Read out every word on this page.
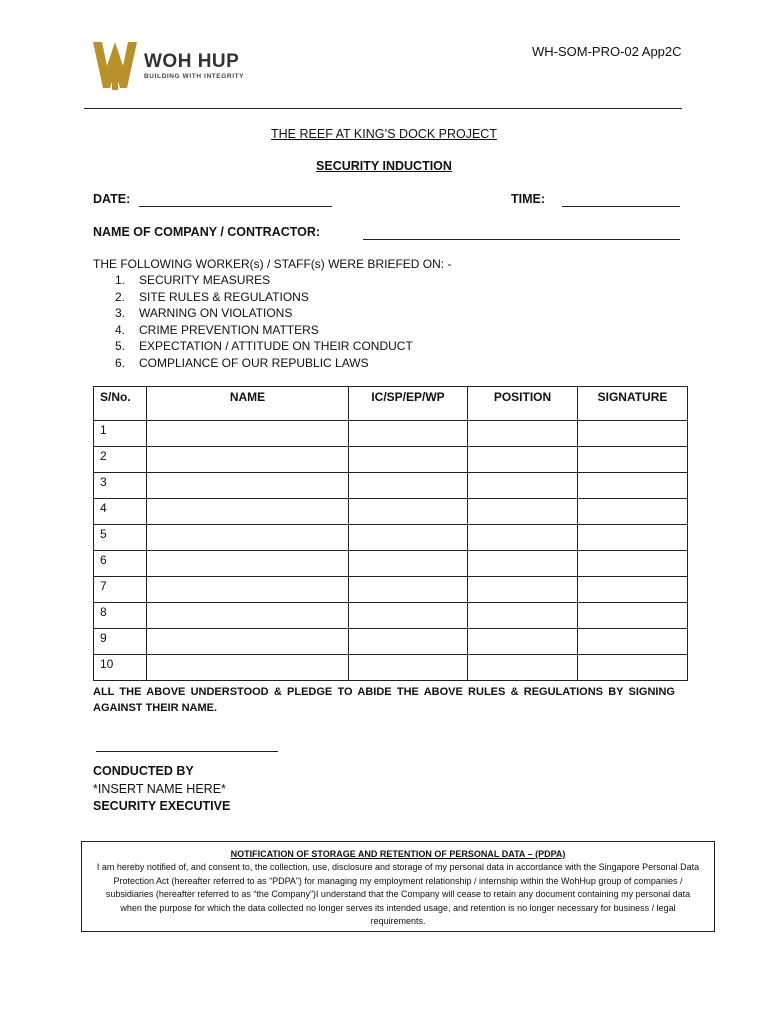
WOH HUP
BUILDING WITH INTEGRITY
WH-SOM-PRO-02 App2C
THE REEF AT KING’S DOCK PROJECT
SECURITY INDUCTION
DATE:	TIME:
NAME OF COMPANY / CONTRACTOR:
THE FOLLOWING WORKER(s) / STAFF(s) WERE BRIEFED ON: -
1.	SECURITY MEASURES
2.	SITE RULES & REGULATIONS
3.	WARNING ON VIOLATIONS
4.	CRIME PREVENTION MATTERS
5.	EXPECTATION / ATTITUDE ON THEIR CONDUCT
6.	COMPLIANCE OF OUR REPUBLIC LAWS
S/No.	NAME	IC/SP/EP/WP	POSITION	SIGNATURE
1				
2				
3				
4				
5				
6				
7				
8				
9				
10				
ALL THE ABOVE UNDERSTOOD & PLEDGE TO ABIDE THE ABOVE RULES & REGULATIONS BY SIGNING AGAINST THEIR NAME.
CONDUCTED BY
*INSERT NAME HERE*
SECURITY EXECUTIVE
NOTIFICATION OF STORAGE AND RETENTION OF PERSONAL DATA – (PDPA)
I am hereby notified of, and consent to, the collection, use, disclosure and storage of my personal data in accordance with the Singapore Personal Data Protection Act (hereafter referred to as “PDPA”) for managing my employment relationship / internship within the WohHup group of companies / subsidiaries (hereafter referred to as “the Company”)I understand that the Company will cease to retain any document containing my personal data when the purpose for which the data collected no longer serves its intended usage, and retention is no longer necessary for business / legal requirements.
